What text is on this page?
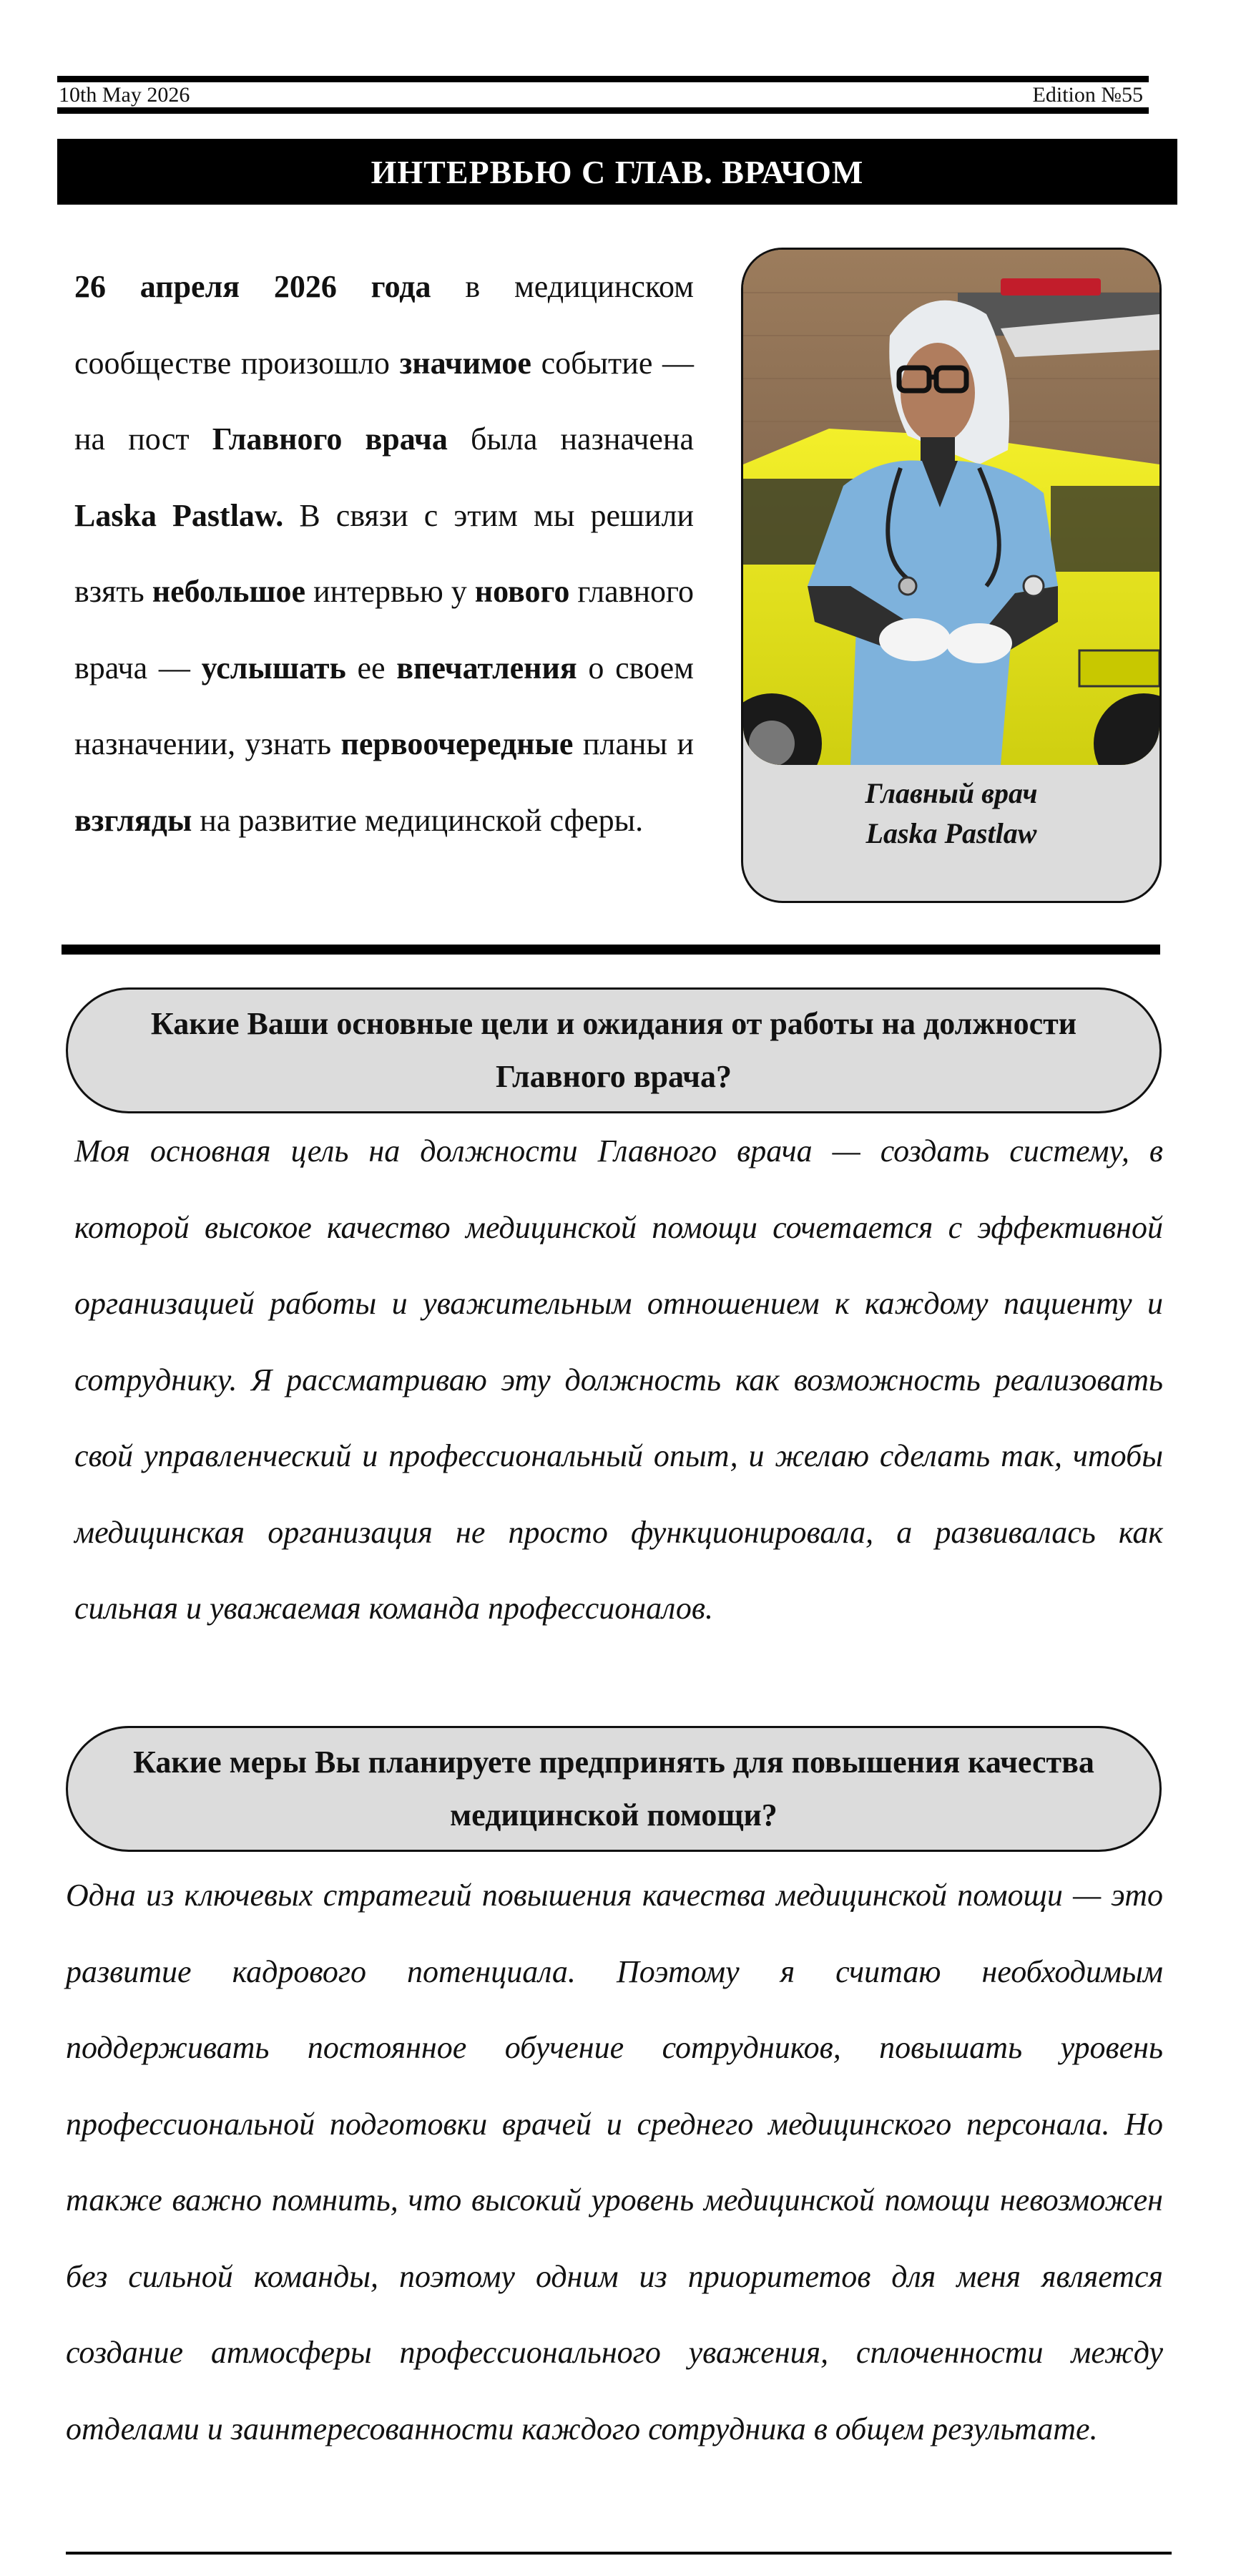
10th May 2026	Edition №55
ИНТЕРВЬЮ С ГЛАВ. ВРАЧОМ
26 апреля 2026 года в медицинском сообществе произошло значимое событие — на пост Главного врача была назначена Laska Pastlaw. В связи с этим мы решили взять небольшое интервью у нового главного врача — услышать ее впечатления о своем назначении, узнать первоочередные планы и взгляды на развитие медицинской сферы.
Главный врач
Laska Pastlaw
Какие Ваши основные цели и ожидания от работы на должности Главного врача?
Моя основная цель на должности Главного врача — создать систему, в которой высокое качество медицинской помощи сочетается с эффективной организацией работы и уважительным отношением к каждому пациенту и сотруднику. Я рассматриваю эту должность как возможность реализовать свой управленческий и профессиональный опыт, и желаю сделать так, чтобы медицинская организация не просто функционировала, а развивалась как сильная и уважаемая команда профессионалов.
Какие меры Вы планируете предпринять для повышения качества медицинской помощи?
Одна из ключевых стратегий повышения качества медицинской помощи — это развитие кадрового потенциала. Поэтому я считаю необходимым поддерживать постоянное обучение сотрудников, повышать уровень профессиональной подготовки врачей и среднего медицинского персонала. Но также важно помнить, что высокий уровень медицинской помощи невозможен без сильной команды, поэтому одним из приоритетов для меня является создание атмосферы профессионального уважения, сплоченности между отделами и заинтересованности каждого сотрудника в общем результате.
